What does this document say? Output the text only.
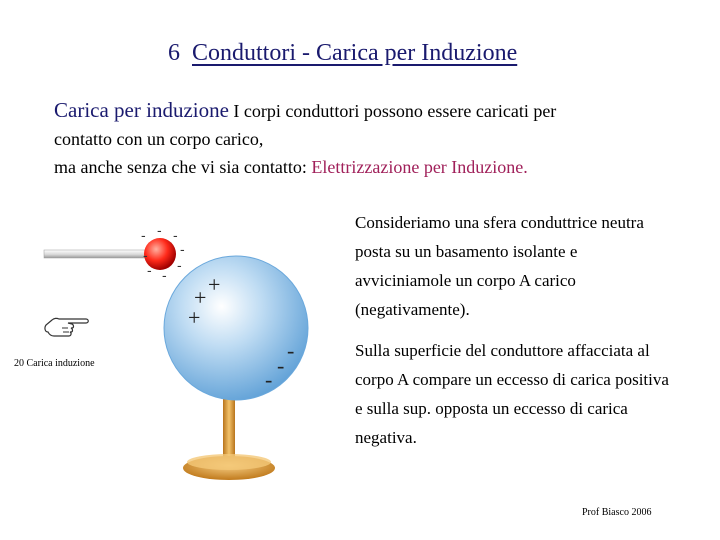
6 Conduttori - Carica per Induzione
Carica per induzione I corpi conduttori possono essere caricati per
contatto con un corpo carico,
ma anche senza che vi sia contatto: Elettrizzazione per Induzione.
Consideriamo una sfera conduttrice neutra posta su un basamento isolante e avviciniamole un corpo A carico (negativamente).
Sulla superficie del conduttore affacciata al corpo A compare un eccesso di carica positiva e sulla sup. opposta un eccesso di carica negativa.
- - -
-
-
-
-
-
+
+
+
-
-
-
20 Carica induzione
Prof Biasco 2006
